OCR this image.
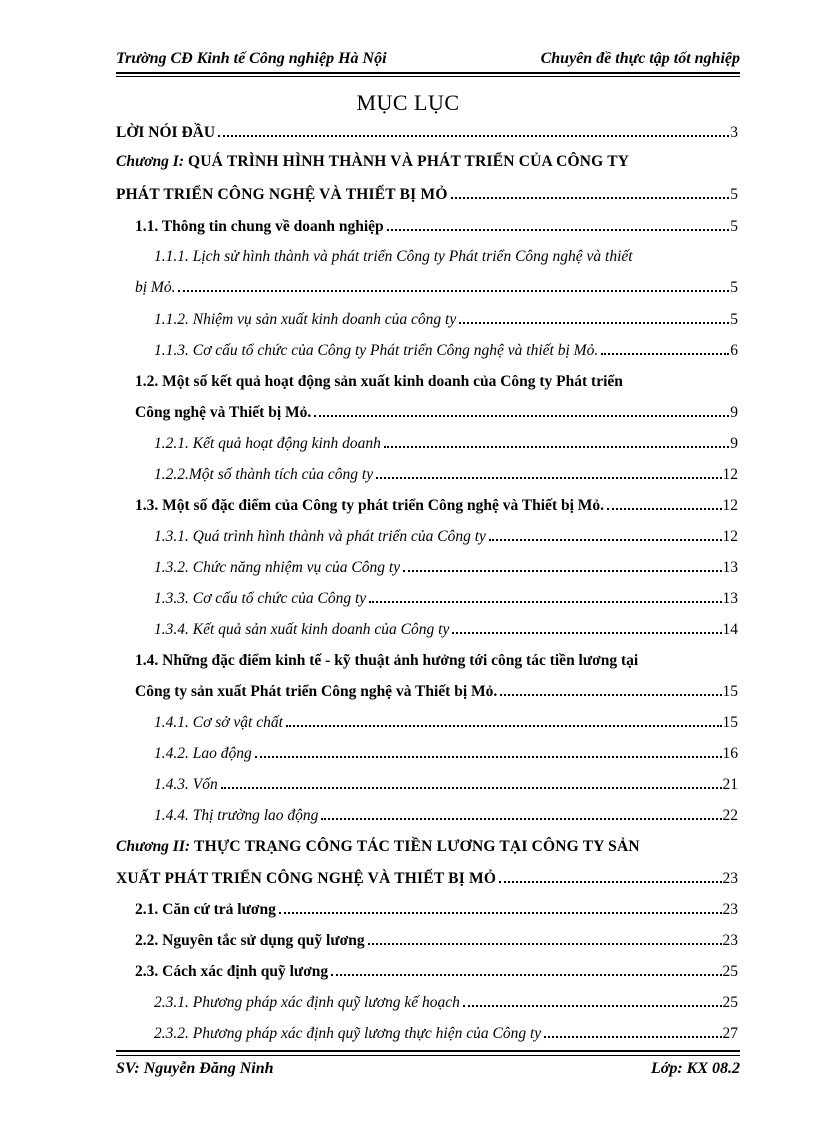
Trường CĐ Kinh tế Công nghiệp Hà Nội	Chuyên đề thực tập tốt nghiệp
MỤC LỤC
LỜI NÓI ĐẦU	3
Chương I: QUÁ TRÌNH HÌNH THÀNH VÀ PHÁT TRIỂN CỦA CÔNG TY
PHÁT TRIỂN CÔNG NGHỆ VÀ THIẾT BỊ MỎ	5
1.1. Thông tin chung về doanh nghiệp	5
1.1.1. Lịch sử hình thành và phát triển Công ty Phát triển Công nghệ và thiết
bị Mỏ.	5
1.1.2. Nhiệm vụ sản xuất kinh doanh của công ty	5
1.1.3. Cơ cấu tổ chức của Công ty Phát triển Công nghệ và thiết bị Mỏ.	6
1.2. Một số kết quả hoạt động sản xuất kinh doanh của Công ty Phát triển
Công nghệ và Thiết bị Mỏ.	9
1.2.1. Kết quả hoạt động kinh doanh	9
1.2.2.Một số thành tích của công ty	12
1.3. Một số đặc điểm của Công ty phát triển Công nghệ và Thiết bị Mỏ.	12
1.3.1. Quá trình hình thành và phát triển của Công ty	12
1.3.2. Chức năng nhiệm vụ của Công ty	13
1.3.3. Cơ cấu tổ chức của Công ty	13
1.3.4. Kết quả sản xuất kinh doanh của Công ty	14
1.4. Những đặc điểm kinh tế - kỹ thuật ảnh hưởng tới công tác tiền lương tại
Công ty sản xuất Phát triển Công nghệ và Thiết bị Mỏ.	15
1.4.1. Cơ sở vật chất	15
1.4.2. Lao động	16
1.4.3. Vốn	21
1.4.4. Thị trường lao động	22
Chương II: THỰC TRẠNG CÔNG TÁC TIỀN LƯƠNG TẠI CÔNG TY SẢN
XUẤT PHÁT TRIỂN CÔNG NGHỆ VÀ THIẾT BỊ MỎ	23
2.1. Căn cứ trả lương	23
2.2. Nguyên tắc sử dụng quỹ lương	23
2.3. Cách xác định quỹ lương	25
2.3.1. Phương pháp xác định quỹ lương kế hoạch	25
2.3.2. Phương pháp xác định quỹ lương thực hiện của Công ty	27
SV: Nguyễn Đăng Ninh	Lớp: KX 08.2
